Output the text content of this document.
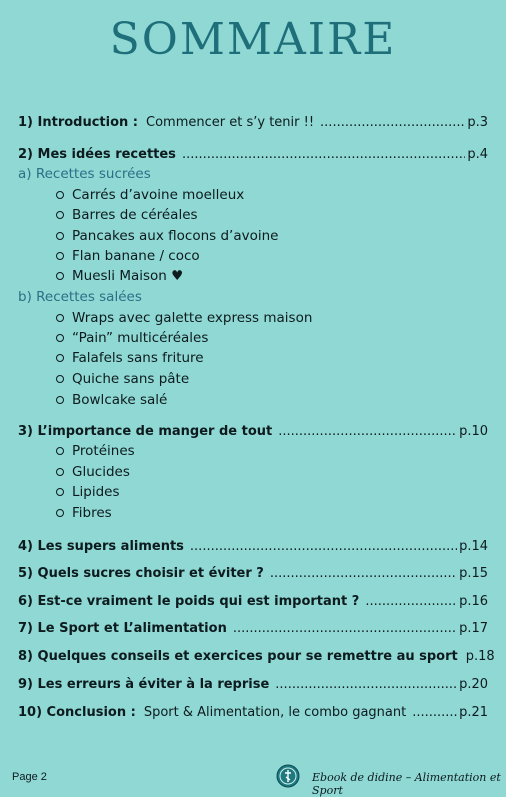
SOMMAIRE
1) Introduction : Commencer et s’y tenir !! .....	p.3
2) Mes idées recettes .....	p.4
a) Recettes sucrées
Carrés d’avoine moelleux
Barres de céréales
Pancakes aux flocons d’avoine
Flan banane / coco
Muesli Maison ♥
b) Recettes salées
Wraps avec galette express maison
“Pain” multicéréales
Falafels sans friture
Quiche sans pâte
Bowlcake salé
3) L’importance de manger de tout .....	p.10
Protéines
Glucides
Lipides
Fibres
4) Les supers aliments .....	p.14
5) Quels sucres choisir et éviter ? .....	p.15
6) Est-ce vraiment le poids qui est important ? .....	p.16
7) Le Sport et L’alimentation .....	p.17
8) Quelques conseils et exercices pour se remettre au sport p.18
9) Les erreurs à éviter à la reprise .....	p.20
10) Conclusion : Sport & Alimentation, le combo gagnant .....	p.21
Page 2	Ebook de didine – Alimentation et Sport
